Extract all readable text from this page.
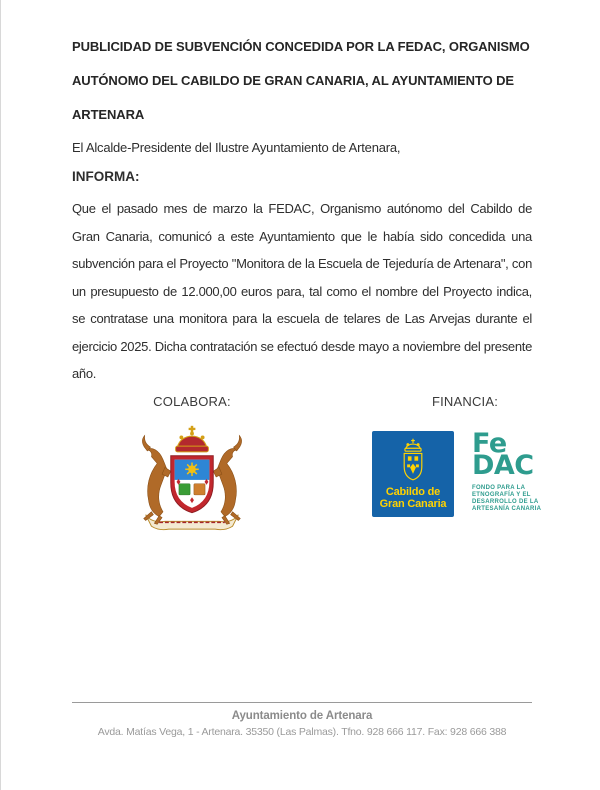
PUBLICIDAD DE SUBVENCIÓN CONCEDIDA POR LA FEDAC, ORGANISMO AUTÓNOMO DEL CABILDO DE GRAN CANARIA, AL AYUNTAMIENTO DE ARTENARA

El Alcalde-Presidente del Ilustre Ayuntamiento de Artenara,

INFORMA:

Que el pasado mes de marzo la FEDAC, Organismo autónomo del Cabildo de Gran Canaria, comunicó a este Ayuntamiento que le había sido concedida una subvención para el Proyecto "Monitora de la Escuela de Tejeduría de Artenara", con un presupuesto de 12.000,00 euros para, tal como el nombre del Proyecto indica, se contratase una monitora para la escuela de telares de Las Arvejas durante el ejercicio 2025. Dicha contratación se efectuó desde mayo a noviembre del presente año.

COLABORA:	FINANCIA:
Cabildo de
Gran Canaria
Fe
DAC
FONDO PARA LA ETNOGRAFÍA Y EL DESARROLLO DE LA ARTESANÍA CANARIA
Ayuntamiento de Artenara
Avda. Matías Vega, 1 - Artenara. 35350 (Las Palmas). Tfno. 928 666 117. Fax: 928 666 388
